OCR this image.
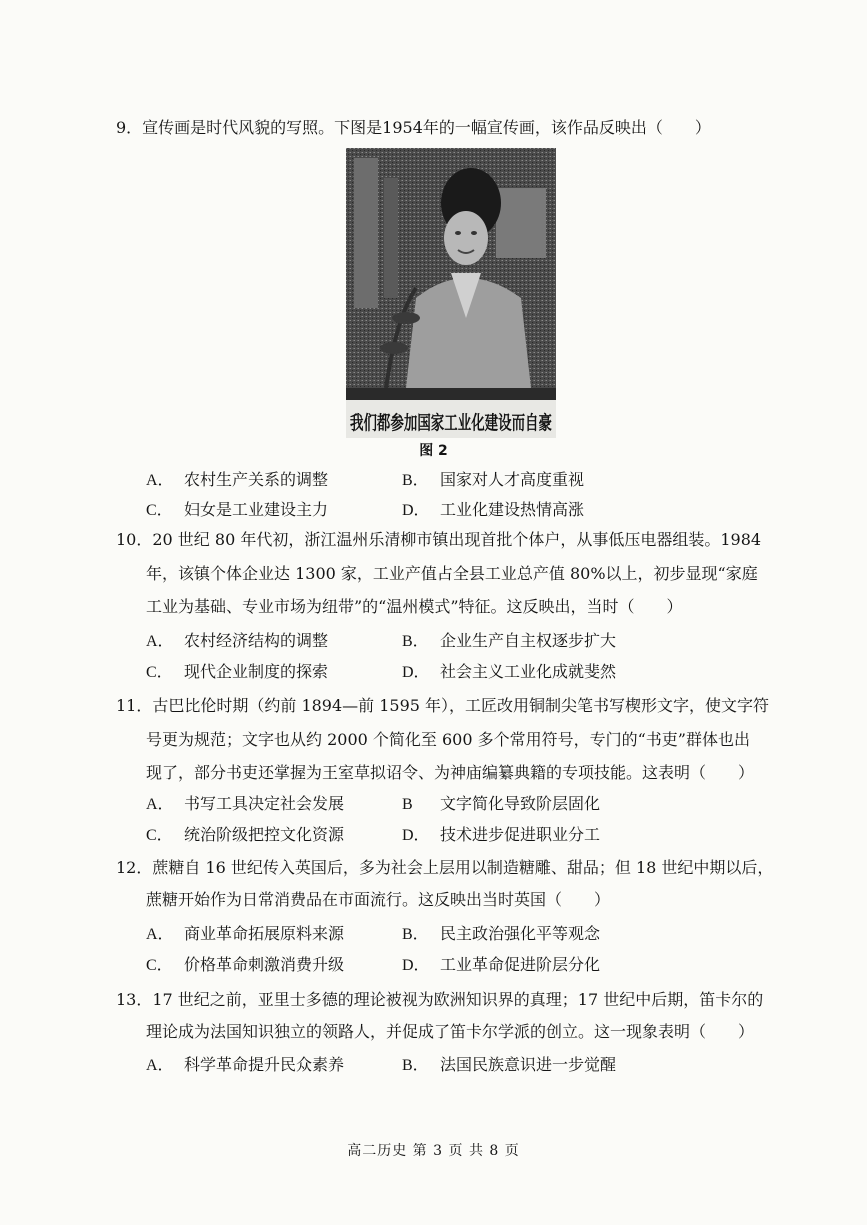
9．宣传画是时代风貌的写照。下图是1954年的一幅宣传画，该作品反映出（　　）
我们都参加国家工业化建设而自豪
图 2
A． 农村生产关系的调整	B． 国家对人才高度重视
C． 妇女是工业建设主力	D． 工业化建设热情高涨
10．20 世纪 80 年代初，浙江温州乐清柳市镇出现首批个体户，从事低压电器组装。1984
年，该镇个体企业达 1300 家，工业产值占全县工业总产值 80%以上，初步显现“家庭
工业为基础、专业市场为纽带”的“温州模式”特征。这反映出，当时（　　）
A． 农村经济结构的调整	B． 企业生产自主权逐步扩大
C． 现代企业制度的探索	D． 社会主义工业化成就斐然
11．古巴比伦时期（约前 1894—前 1595 年），工匠改用铜制尖笔书写楔形文字，使文字符
号更为规范；文字也从约 2000 个简化至 600 多个常用符号，专门的“书吏”群体也出
现了，部分书吏还掌握为王室草拟诏令、为神庙编纂典籍的专项技能。这表明（　　）
A． 书写工具决定社会发展	B 文字简化导致阶层固化
C． 统治阶级把控文化资源	D． 技术进步促进职业分工
12．蔗糖自 16 世纪传入英国后，多为社会上层用以制造糖雕、甜品；但 18 世纪中期以后，
蔗糖开始作为日常消费品在市面流行。这反映出当时英国（　　）
A． 商业革命拓展原料来源	B． 民主政治强化平等观念
C． 价格革命刺激消费升级	D． 工业革命促进阶层分化
13．17 世纪之前，亚里士多德的理论被视为欧洲知识界的真理；17 世纪中后期，笛卡尔的
理论成为法国知识独立的领路人，并促成了笛卡尔学派的创立。这一现象表明（　　）
A． 科学革命提升民众素养	B． 法国民族意识进一步觉醒
高二历史 第 3 页 共 8 页
